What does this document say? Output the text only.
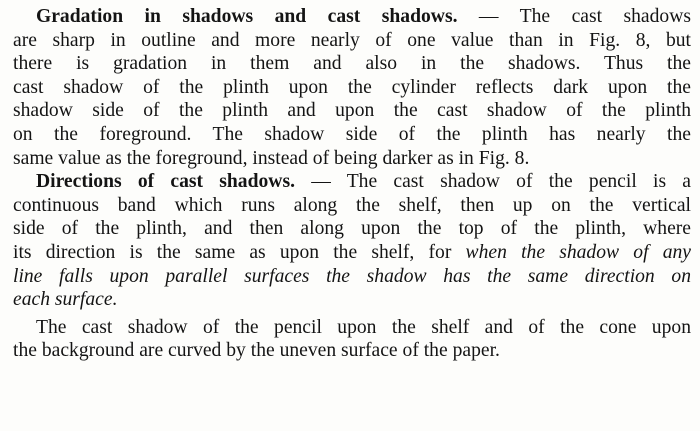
Gradation in shadows and cast shadows. — The cast shadows
are sharp in outline and more nearly of one value than in Fig. 8, but
there is gradation in them and also in the shadows. Thus the
cast shadow of the plinth upon the cylinder reflects dark upon the
shadow side of the plinth and upon the cast shadow of the plinth
on the foreground. The shadow side of the plinth has nearly the
same value as the foreground, instead of being darker as in Fig. 8.
Directions of cast shadows. — The cast shadow of the pencil is a
continuous band which runs along the shelf, then up on the vertical
side of the plinth, and then along upon the top of the plinth, where
its direction is the same as upon the shelf, for when the shadow of any
line falls upon parallel surfaces the shadow has the same direction on
each surface.
The cast shadow of the pencil upon the shelf and of the cone upon
the background are curved by the uneven surface of the paper.
